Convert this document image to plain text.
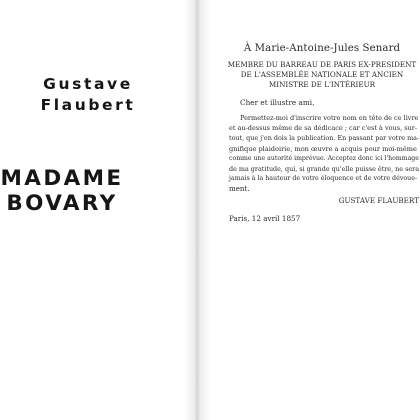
Gustave
Flaubert
MADAME
BOVARY
À Marie-Antoine-Jules Senard
MEMBRE DU BARREAU DE PARIS EX-PRESIDENT
DE L'ASSEMBLÉE NATIONALE ET ANCIEN
MINISTRE DE L'INTÉRIEUR
Cher et illustre ami,
Permettez-moi d'inscrire votre nom en tête de ce livre
et au-dessus même de sa dédicace ; car c'est à vous, sur-
tout, que j'en dois la publication. En passant par votre ma-
gnifique plaidoirie, mon œuvre a acquis pour moi-même
comme une autorité imprévue. Acceptez donc ici l'hommage
de ma gratitude, qui, si grande qu'elle puisse être, ne sera
jamais à la hauteur de votre éloquence et de votre dévoue-
ment.
GUSTAVE FLAUBERT
Paris, 12 avril 1857
